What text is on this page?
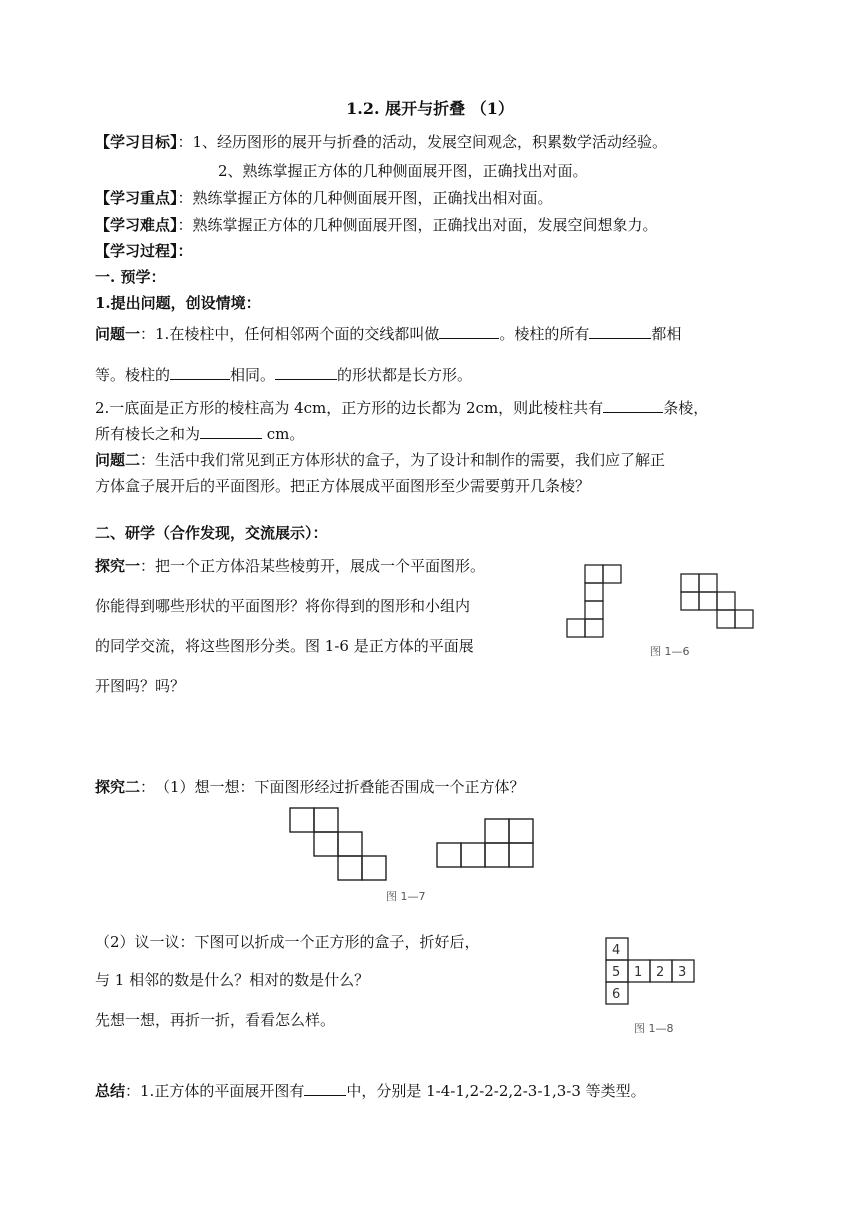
1.2. 展开与折叠 （1）
【学习目标】：1、经历图形的展开与折叠的活动，发展空间观念，积累数学活动经验。
2、熟练掌握正方体的几种侧面展开图，正确找出对面。
【学习重点】：熟练掌握正方体的几种侧面展开图，正确找出相对面。
【学习难点】：熟练掌握正方体的几种侧面展开图，正确找出对面，发展空间想象力。
【学习过程】：
一. 预学：
1.提出问题，创设情境：
问题一：1.在棱柱中，任何相邻两个面的交线都叫做	。棱柱的所有	都相
等。棱柱的	相同。	的形状都是长方形。
2.一底面是正方形的棱柱高为 4cm，正方形的边长都为 2cm，则此棱柱共有	条棱，
所有棱长之和为	cm。
问题二：生活中我们常见到正方体形状的盒子，为了设计和制作的需要，我们应了解正
方体盒子展开后的平面图形。把正方体展成平面图形至少需要剪开几条棱？
二、研学（合作发现，交流展示）：
探究一：把一个正方体沿某些棱剪开，展成一个平面图形。
你能得到哪些形状的平面图形？将你得到的图形和小组内
的同学交流，将这些图形分类。图 1-6 是正方体的平面展
开图吗？吗？
图 1—6
探究二：　（1）想一想：下面图形经过折叠能否围成一个正方体？
图 1—7
（2）议一议：下图可以折成一个正方形的盒子，折好后，
与 1 相邻的数是什么？相对的数是什么？
先想一想，再折一折，看看怎么样。
4
5 1 2 3
6
图 1—8
总结：1.正方体的平面展开图有	中，分别是 1-4-1,2-2-2,2-3-1,3-3 等类型。
